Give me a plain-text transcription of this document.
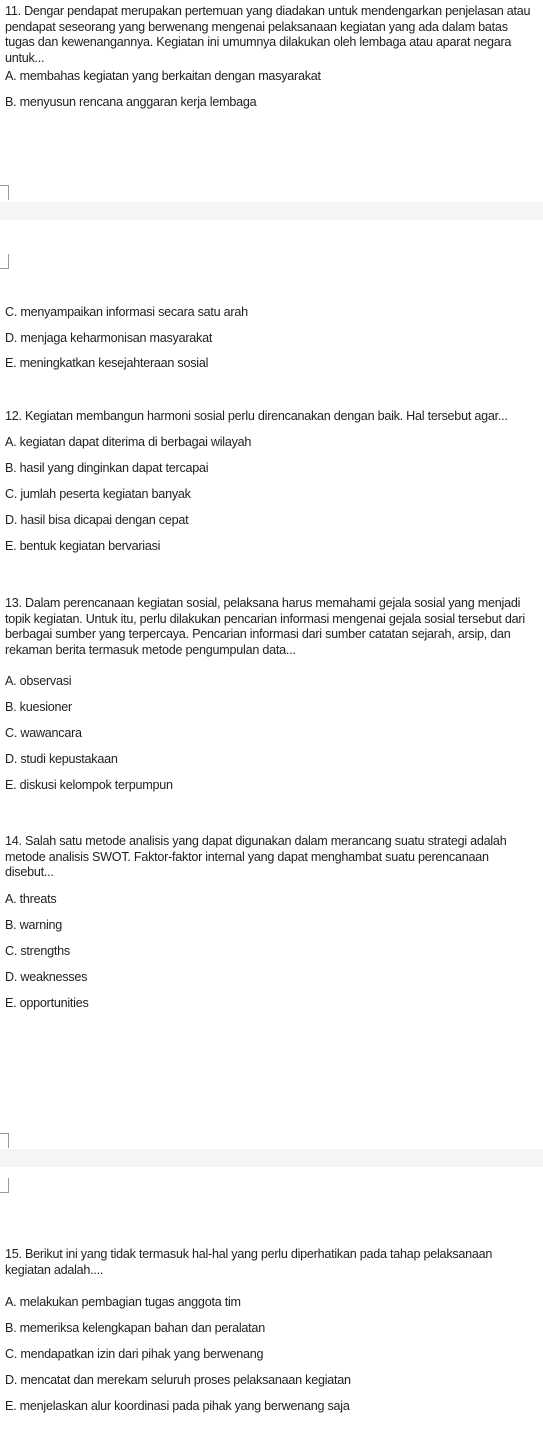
11. Dengar pendapat merupakan pertemuan yang diadakan untuk mendengarkan penjelasan atau pendapat seseorang yang berwenang mengenai pelaksanaan kegiatan yang ada dalam batas tugas dan kewenangannya. Kegiatan ini umumnya dilakukan oleh lembaga atau aparat negara untuk...
A. membahas kegiatan yang berkaitan dengan masyarakat
B. menyusun rencana anggaran kerja lembaga
C. menyampaikan informasi secara satu arah
D. menjaga keharmonisan masyarakat
E. meningkatkan kesejahteraan sosial
12. Kegiatan membangun harmoni sosial perlu direncanakan dengan baik. Hal tersebut agar...
A. kegiatan dapat diterima di berbagai wilayah
B. hasil yang dinginkan dapat tercapai
C. jumlah peserta kegiatan banyak
D. hasil bisa dicapai dengan cepat
E. bentuk kegiatan bervariasi
13. Dalam perencanaan kegiatan sosial, pelaksana harus memahami gejala sosial yang menjadi topik kegiatan. Untuk itu, perlu dilakukan pencarian informasi mengenai gejala sosial tersebut dari berbagai sumber yang terpercaya. Pencarian informasi dari sumber catatan sejarah, arsip, dan rekaman berita termasuk metode pengumpulan data...
A. observasi
B. kuesioner
C. wawancara
D. studi kepustakaan
E. diskusi kelompok terpumpun
14. Salah satu metode analisis yang dapat digunakan dalam merancang suatu strategi adalah metode analisis SWOT. Faktor-faktor internal yang dapat menghambat suatu perencanaan disebut...
A. threats
B. warning
C. strengths
D. weaknesses
E. opportunities
15. Berikut ini yang tidak termasuk hal-hal yang perlu diperhatikan pada tahap pelaksanaan kegiatan adalah....
A. melakukan pembagian tugas anggota tim
B. memeriksa kelengkapan bahan dan peralatan
C. mendapatkan izin dari pihak yang berwenang
D. mencatat dan merekam seluruh proses pelaksanaan kegiatan
E. menjelaskan alur koordinasi pada pihak yang berwenang saja
